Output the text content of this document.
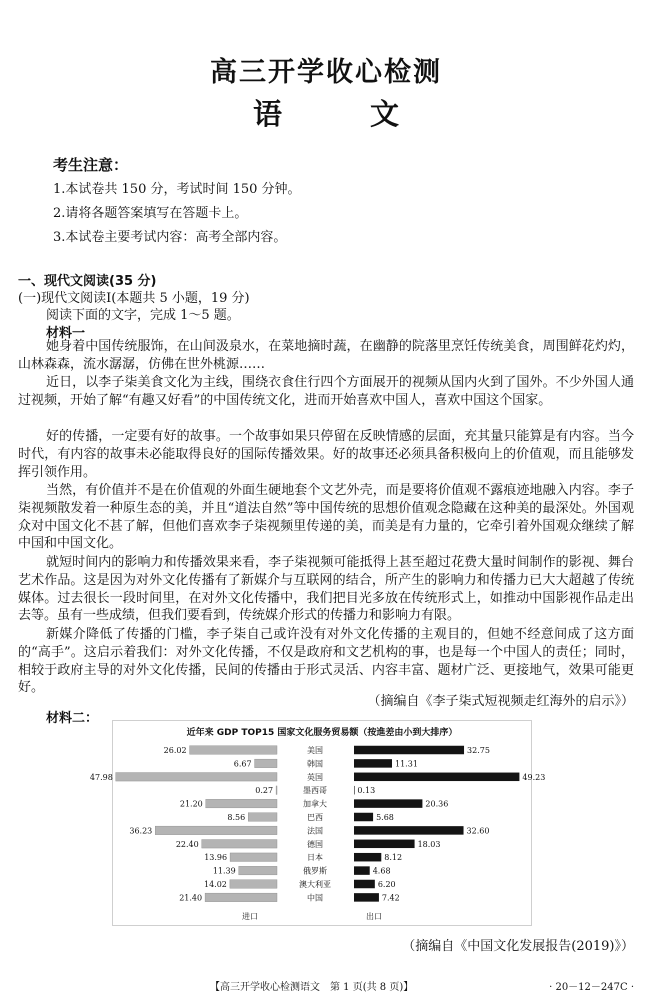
高三开学收心检测
语	文
考生注意：
1.本试卷共 150 分，考试时间 150 分钟。
2.请将各题答案填写在答题卡上。
3.本试卷主要考试内容：高考全部内容。
一、现代文阅读(35 分)
(一)现代文阅读Ⅰ(本题共 5 小题，19 分)
阅读下面的文字，完成 1～5 题。
材料一

她身着中国传统服饰，在山间汲泉水，在菜地摘时蔬，在幽静的院落里烹饪传统美食，周围鲜花灼灼，山林森森，流水潺潺，仿佛在世外桃源……

近日，以李子柒美食文化为主线，围绕衣食住行四个方面展开的视频从国内火到了国外。不少外国人通过视频，开始了解“有趣又好看”的中国传统文化，进而开始喜欢中国人，喜欢中国这个国家。

好的传播，一定要有好的故事。一个故事如果只停留在反映情感的层面，充其量只能算是有内容。当今时代，有内容的故事未必能取得良好的国际传播效果。好的故事还必须具备积极向上的价值观，而且能够发挥引领作用。

当然，有价值并不是在价值观的外面生硬地套个文艺外壳，而是要将价值观不露痕迹地融入内容。李子柒视频散发着一种原生态的美，并且“道法自然”等中国传统的思想价值观念隐藏在这种美的最深处。外国观众对中国文化不甚了解，但他们喜欢李子柒视频里传递的美，而美是有力量的，它牵引着外国观众继续了解中国和中国文化。

就短时间内的影响力和传播效果来看，李子柒视频可能抵得上甚至超过花费大量时间制作的影视、舞台艺术作品。这是因为对外文化传播有了新媒介与互联网的结合，所产生的影响力和传播力已大大超越了传统媒体。过去很长一段时间里，在对外文化传播中，我们把目光多放在传统形式上，如推动中国影视作品走出去等。虽有一些成绩，但我们要看到，传统媒介形式的传播力和影响力有限。

新媒介降低了传播的门槛，李子柒自己或许没有对外文化传播的主观目的，但她不经意间成了这方面的“高手”。这启示着我们：对外文化传播，不仅是政府和文艺机构的事，也是每一个中国人的责任；同时，相较于政府主导的对外文化传播，民间的传播由于形式灵活、内容丰富、题材广泛、更接地气，效果可能更好。

（摘编自《李子柒式短视频走红海外的启示》）
材料二：
近年来 GDP TOP15 国家文化服务贸易额（按進差由小到大排序）
美国
26.02	32.75
韩国
6.67	11.31
英国
47.98	49.23
墨西哥
0.27	0.13
加拿大
21.20	20.36
巴西
8.56	5.68
法国
36.23	32.60
德国
22.40	18.03
日本
13.96	8.12
俄罗斯
11.39	4.68
澳大利亚
14.02	6.20
中国
21.40	7.42
进口	出口
（摘编自《中国文化发展报告(2019)》）
【高三开学收心检测语文　第 1 页(共 8 页)】	· 20－12－247C ·
